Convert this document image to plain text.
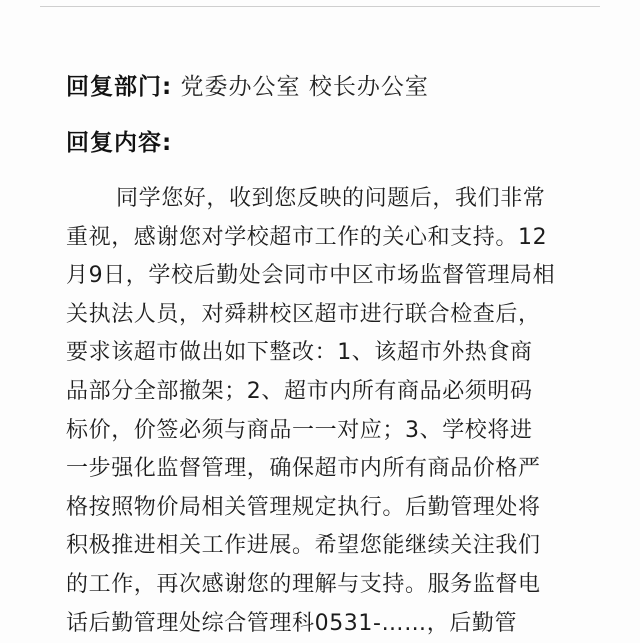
回复部门: 党委办公室 校长办公室
回复内容:
同学您好，收到您反映的问题后，我们非常
重视，感谢您对学校超市工作的关心和支持。12
月9日，学校后勤处会同市中区市场监督管理局相
关执法人员，对舜耕校区超市进行联合检查后，
要求该超市做出如下整改：1、该超市外热食商
品部分全部撤架；2、超市内所有商品必须明码
标价，价签必须与商品一一对应；3、学校将进
一步强化监督管理，确保超市内所有商品价格严
格按照物价局相关管理规定执行。后勤管理处将
积极推进相关工作进展。希望您能继续关注我们
的工作，再次感谢您的理解与支持。服务监督电
话后勤管理处综合管理科0531-……，后勤管
